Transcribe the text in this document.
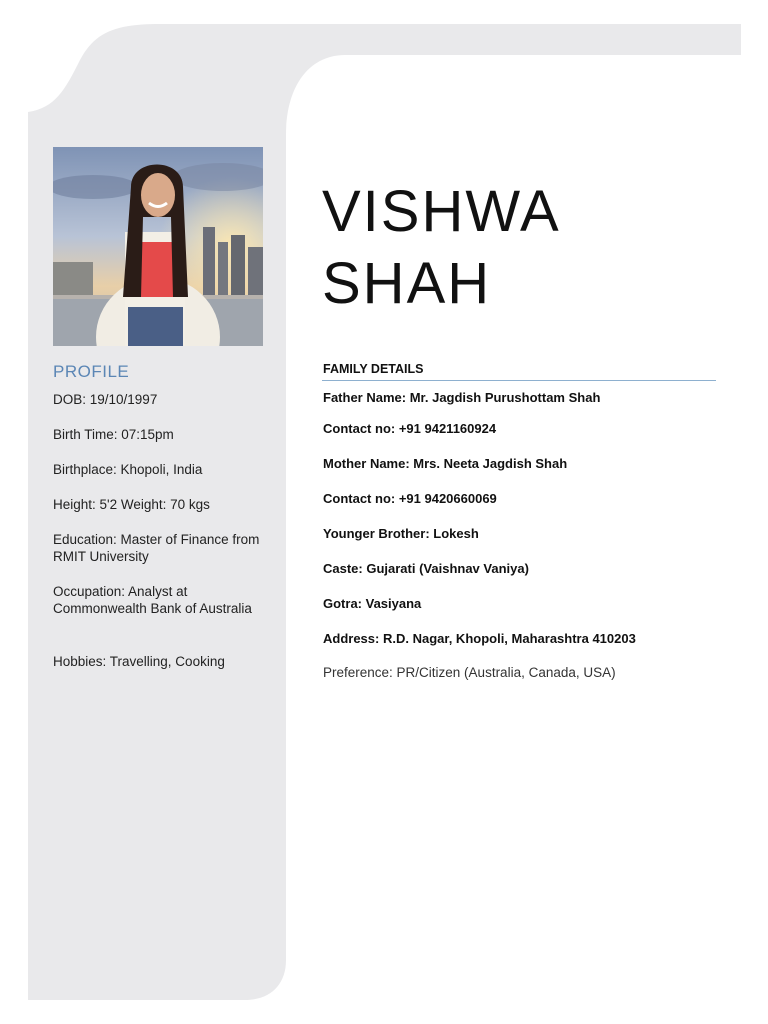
PROFILE
DOB: 19/10/1997
Birth Time: 07:15pm
Birthplace: Khopoli, India
Height: 5'2 Weight: 70 kgs
Education: Master of Finance from RMIT University
Occupation: Analyst at Commonwealth Bank of Australia
Hobbies: Travelling, Cooking
VISHWA
SHAH
FAMILY DETAILS
Father Name: Mr. Jagdish Purushottam Shah
Contact no: +91 9421160924
Mother Name: Mrs. Neeta Jagdish Shah
Contact no: +91 9420660069
Younger Brother: Lokesh
Caste: Gujarati (Vaishnav Vaniya)
Gotra: Vasiyana
Address: R.D. Nagar, Khopoli, Maharashtra 410203
Preference: PR/Citizen (Australia, Canada, USA)
